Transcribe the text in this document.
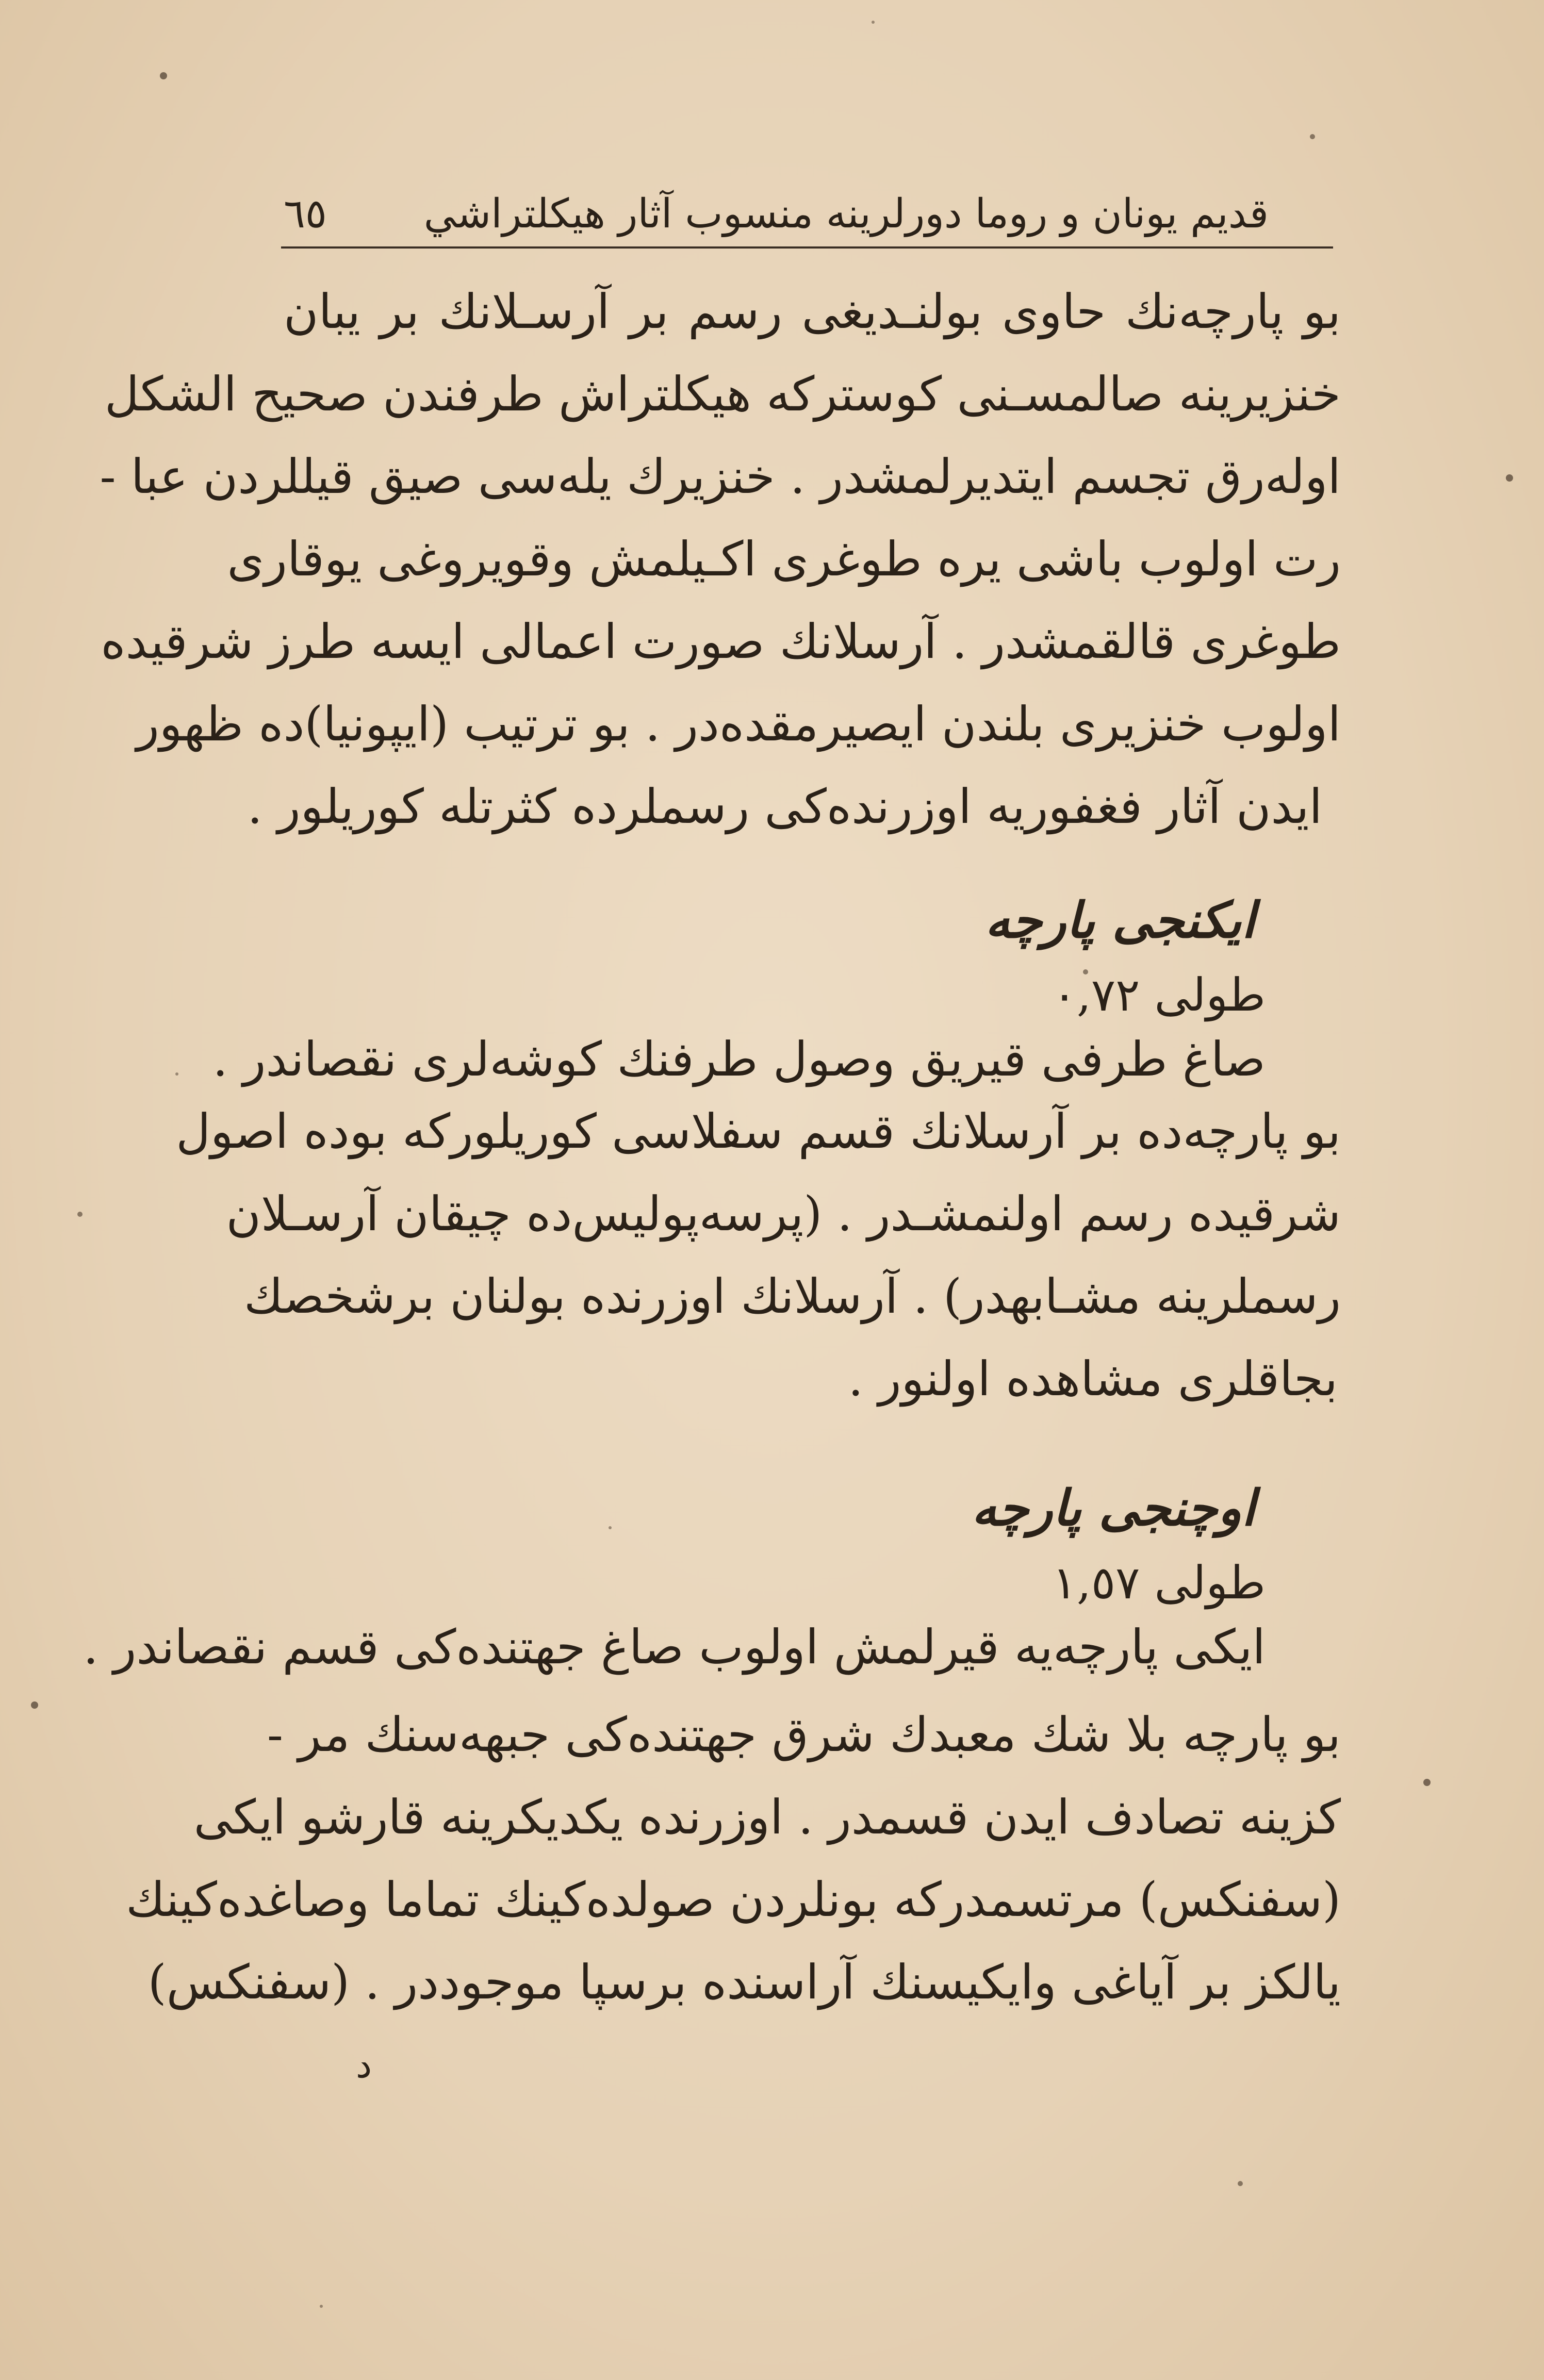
قديم يونان و روما دورلرينه منسوب آثار هيكلتراشي
٦٥
بو پارچه‌نك حاوى بولنـديغى رسم بر آرسـلانك بر يبان
خنزيرينه صالمسـنى كوستركه هيكلتراش طرفندن صحيح الشكل
اوله‌رق تجسم ايتديرلمشدر . خنزيرك يله‌سى صيق قيللردن عبا -
رت اولوب باشى يره طوغرى اكـيلمش وقويروغى يوقارى
طوغرى قالقمشدر . آرسلانك صورت اعمالى ايسه طرز شرقيده
اولوب خنزيرى بلندن ايصيرمقده‌در . بو ترتيب (ايپونيا)ده ظهور
ايدن آثار فغفوريه اوزرنده‌كى رسملرده كثرتله كوريلور .
ايكنجى پارچه
طولى ۰,۷۲
صاغ طرفى قيريق وصول طرفنك كوشه‌لرى نقصاندر .
بو پارچه‌ده بر آرسلانك قسم سفلاسى كوريلوركه بوده اصول
شرقيده رسم اولنمشـدر . (پرسه‌پوليس‌ده چيقان آرسـلان
رسملرينه مشـابهدر) . آرسلانك اوزرنده بولنان برشخصك
بجاقلرى مشاهده اولنور .
اوچنجى پارچه
طولى ١,٥٧
ايكى پارچه‌يه قيرلمش اولوب صاغ جهتنده‌كى قسم نقصاندر .
بو پارچه بلا شك معبدك شرق جهتنده‌كى جبهه‌سنك مر -
كزينه تصادف ايدن قسمدر . اوزرنده يكديكرينه قارشو ايكى
(سفنكس) مرتسمدركه بونلردن صولده‌كينك تماما وصاغده‌كينك
يالكز بر آياغى وايكيسنك آراسنده برسپا موجوددر . (سفنكس)
د
